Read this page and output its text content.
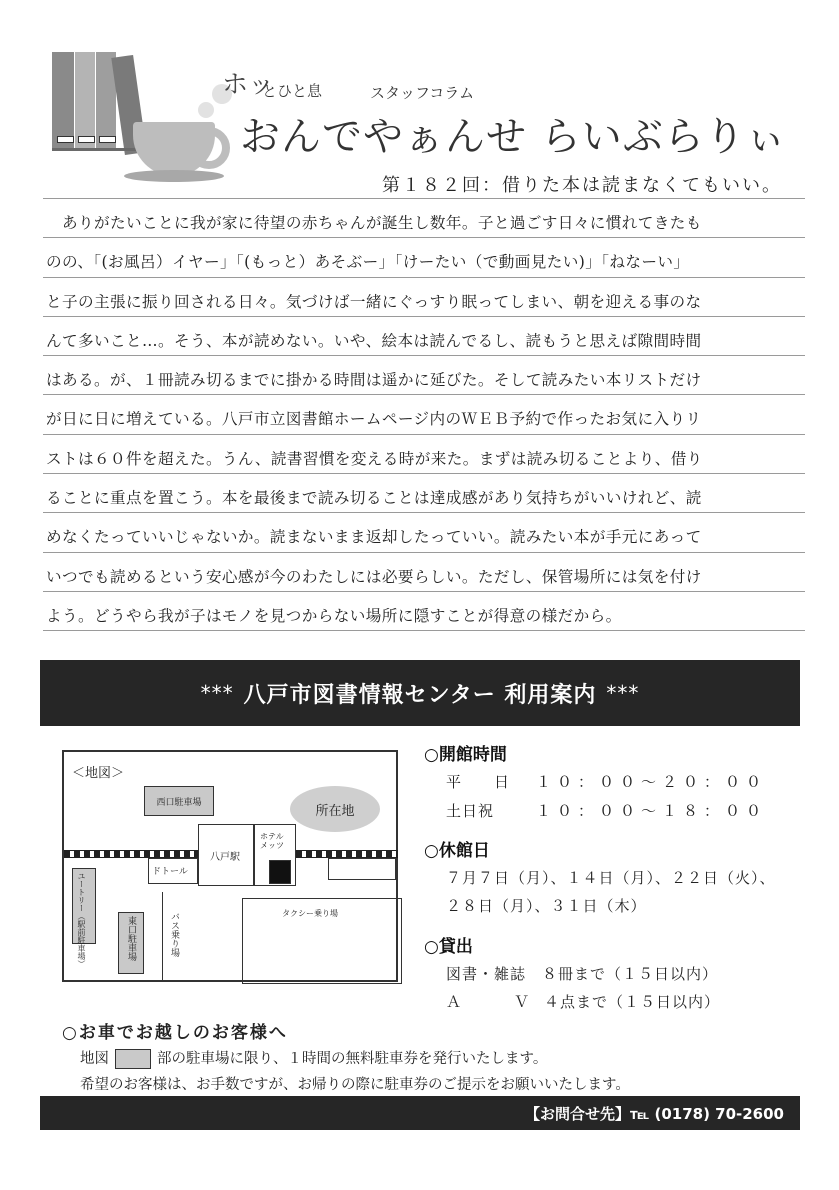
ホッ
とひと息	スタッフコラム
おんでやぁんせ らいぶらりぃ
第１８２回：借りた本は読まなくてもいい。
　ありがたいことに我が家に待望の赤ちゃんが誕生し数年。子と過ごす日々に慣れてきたも
のの、「(お風呂）イヤー」「(もっと）あそぶー」「けーたい（で動画見たい)」「ねなーい」
と子の主張に振り回される日々。気づけば一緒にぐっすり眠ってしまい、朝を迎える事のな
んて多いこと…。そう、本が読めない。いや、絵本は読んでるし、読もうと思えば隙間時間
はある。が、１冊読み切るまでに掛かる時間は遥かに延びた。そして読みたい本リストだけ
が日に日に増えている。八戸市立図書館ホームページ内のＷＥＢ予約で作ったお気に入りリ
ストは６０件を超えた。うん、読書習慣を変える時が来た。まずは読み切ることより、借り
ることに重点を置こう。本を最後まで読み切ることは達成感があり気持ちがいいけれど、読
めなくたっていいじゃないか。読まないまま返却したっていい。読みたい本が手元にあって
いつでも読めるという安心感が今のわたしには必要らしい。ただし、保管場所には気を付け
よう。どうやら我が子はモノを見つからない場所に隠すことが得意の様だから。
*** 八戸市図書情報センター 利用案内 ***
＜地図＞
西口駐車場
所在地
八戸駅
ホテル メッツ
ドトール
ユートリー（駅前駐車場）	東口駐車場	バス乗り場	タクシー乗り場
○開館時間
平　　日 １０：００～２０：００
土日祝	１０：００～１８：００
○休館日
７月７日（月）、１４日（月）、２２日（火）、
２８日（月）、３１日（木）
○貸出
図書・雑誌　８冊まで（１５日以内）
Ａ	Ｖ ４点まで（１５日以内）
○お車でお越しのお客様へ
地図	部の駐車場に限り、１時間の無料駐車券を発行いたします。
希望のお客様は、お手数ですが、お帰りの際に駐車券のご提示をお願いいたします。
【お問合せ先】℡ (0178) 70-2600
